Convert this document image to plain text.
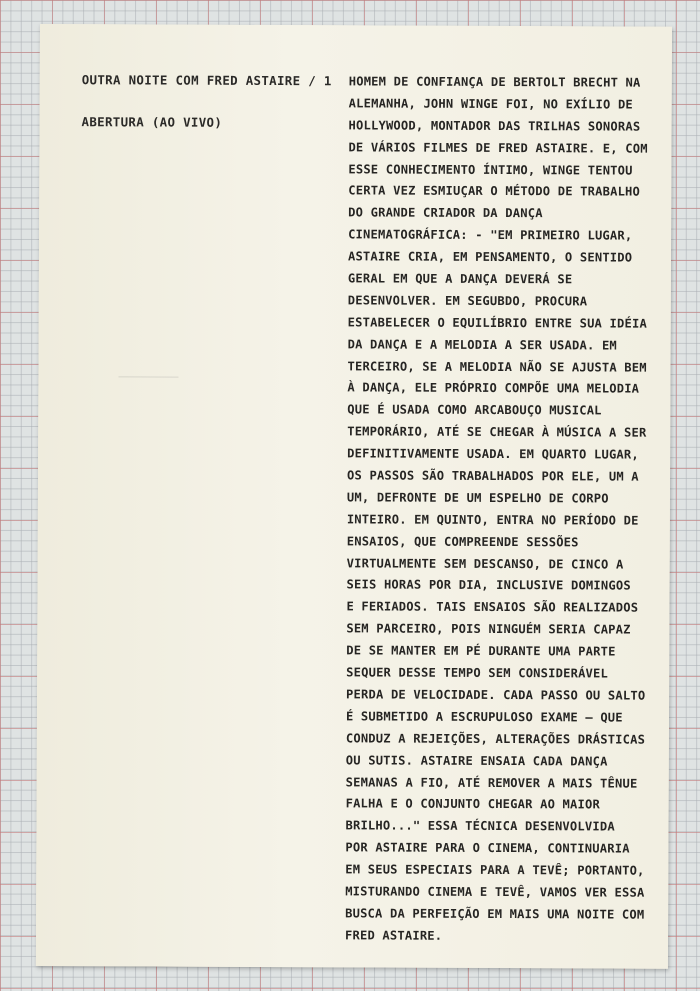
OUTRA NOITE COM FRED ASTAIRE / 1
ABERTURA (AO VIVO)
HOMEM DE CONFIANÇA DE BERTOLT BRECHT NA
ALEMANHA, JOHN WINGE FOI, NO EXÍLIO DE
HOLLYWOOD, MONTADOR DAS TRILHAS SONORAS
DE VÁRIOS FILMES DE FRED ASTAIRE. E, COM
ESSE CONHECIMENTO ÍNTIMO, WINGE TENTOU
CERTA VEZ ESMIUÇAR O MÉTODO DE TRABALHO
DO GRANDE CRIADOR DA DANÇA
CINEMATOGRÁFICA: - "EM PRIMEIRO LUGAR,
ASTAIRE CRIA, EM PENSAMENTO, O SENTIDO
GERAL EM QUE A DANÇA DEVERÁ SE
DESENVOLVER. EM SEGUBDO, PROCURA
ESTABELECER O EQUILÍBRIO ENTRE SUA IDÉIA
DA DANÇA E A MELODIA A SER USADA. EM
TERCEIRO, SE A MELODIA NÃO SE AJUSTA BEM
À DANÇA, ELE PRÓPRIO COMPÕE UMA MELODIA
QUE É USADA COMO ARCABOUÇO MUSICAL
TEMPORÁRIO, ATÉ SE CHEGAR À MÚSICA A SER
DEFINITIVAMENTE USADA. EM QUARTO LUGAR,
OS PASSOS SÃO TRABALHADOS POR ELE, UM A
UM, DEFRONTE DE UM ESPELHO DE CORPO
INTEIRO. EM QUINTO, ENTRA NO PERÍODO DE
ENSAIOS, QUE COMPREENDE SESSÕES
VIRTUALMENTE SEM DESCANSO, DE CINCO A
SEIS HORAS POR DIA, INCLUSIVE DOMINGOS
E FERIADOS. TAIS ENSAIOS SÃO REALIZADOS
SEM PARCEIRO, POIS NINGUÉM SERIA CAPAZ
DE SE MANTER EM PÉ DURANTE UMA PARTE
SEQUER DESSE TEMPO SEM CONSIDERÁVEL
PERDA DE VELOCIDADE. CADA PASSO OU SALTO
É SUBMETIDO A ESCRUPULOSO EXAME — QUE
CONDUZ A REJEIÇÕES, ALTERAÇÕES DRÁSTICAS
OU SUTIS. ASTAIRE ENSAIA CADA DANÇA
SEMANAS A FIO, ATÉ REMOVER A MAIS TÊNUE
FALHA E O CONJUNTO CHEGAR AO MAIOR
BRILHO..." ESSA TÉCNICA DESENVOLVIDA
POR ASTAIRE PARA O CINEMA, CONTINUARIA
EM SEUS ESPECIAIS PARA A TEVÊ; PORTANTO,
MISTURANDO CINEMA E TEVÊ, VAMOS VER ESSA
BUSCA DA PERFEIÇÃO EM MAIS UMA NOITE COM
FRED ASTAIRE.
